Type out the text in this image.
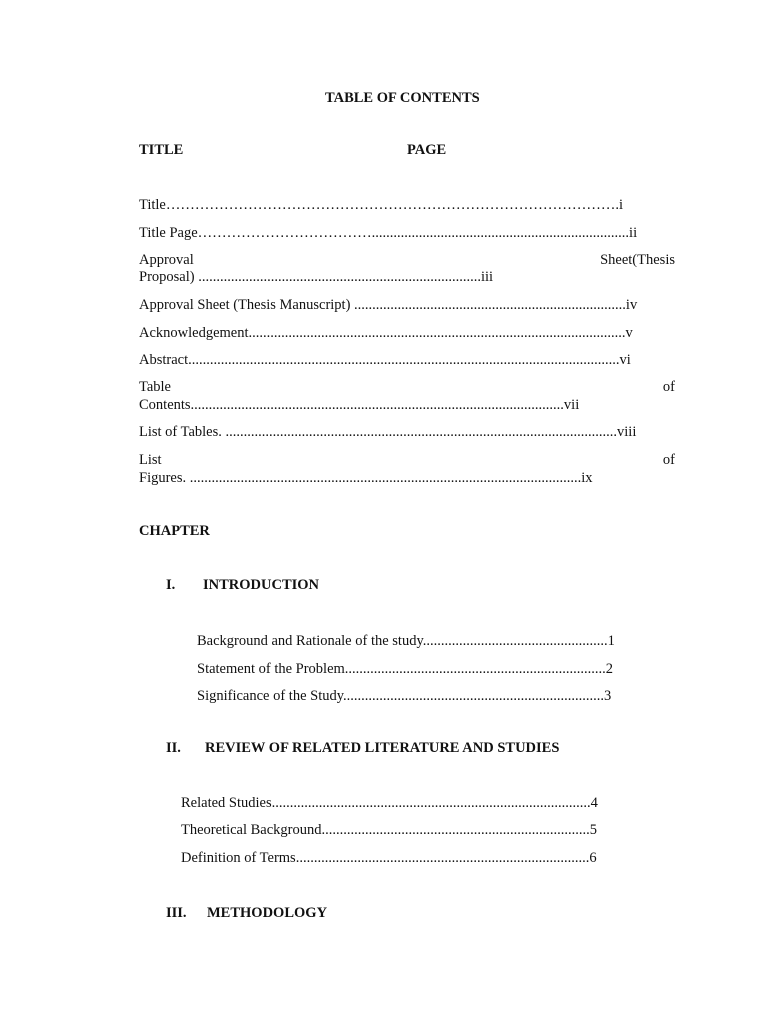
TABLE OF CONTENTS
TITLE	PAGE
Title………………………………………………………………………………….i
Title Page……………………………….......................................................................ii
Approval	Sheet(Thesis
Proposal) ..............................................................................iii
Approval Sheet (Thesis Manuscript) ...........................................................................iv
Acknowledgement........................................................................................................v
Abstract.......................................................................................................................vi
Table	of
Contents.......................................................................................................vii
List of Tables. ............................................................................................................viii
List	of
Figures. ............................................................................................................ix
CHAPTER
I. INTRODUCTION
Background and Rationale of the study...................................................1
Statement of the Problem........................................................................2
Significance of the Study........................................................................3
II. REVIEW OF RELATED LITERATURE AND STUDIES
Related Studies........................................................................................4
Theoretical Background..........................................................................5
Definition of Terms.................................................................................6
III. METHODOLOGY
